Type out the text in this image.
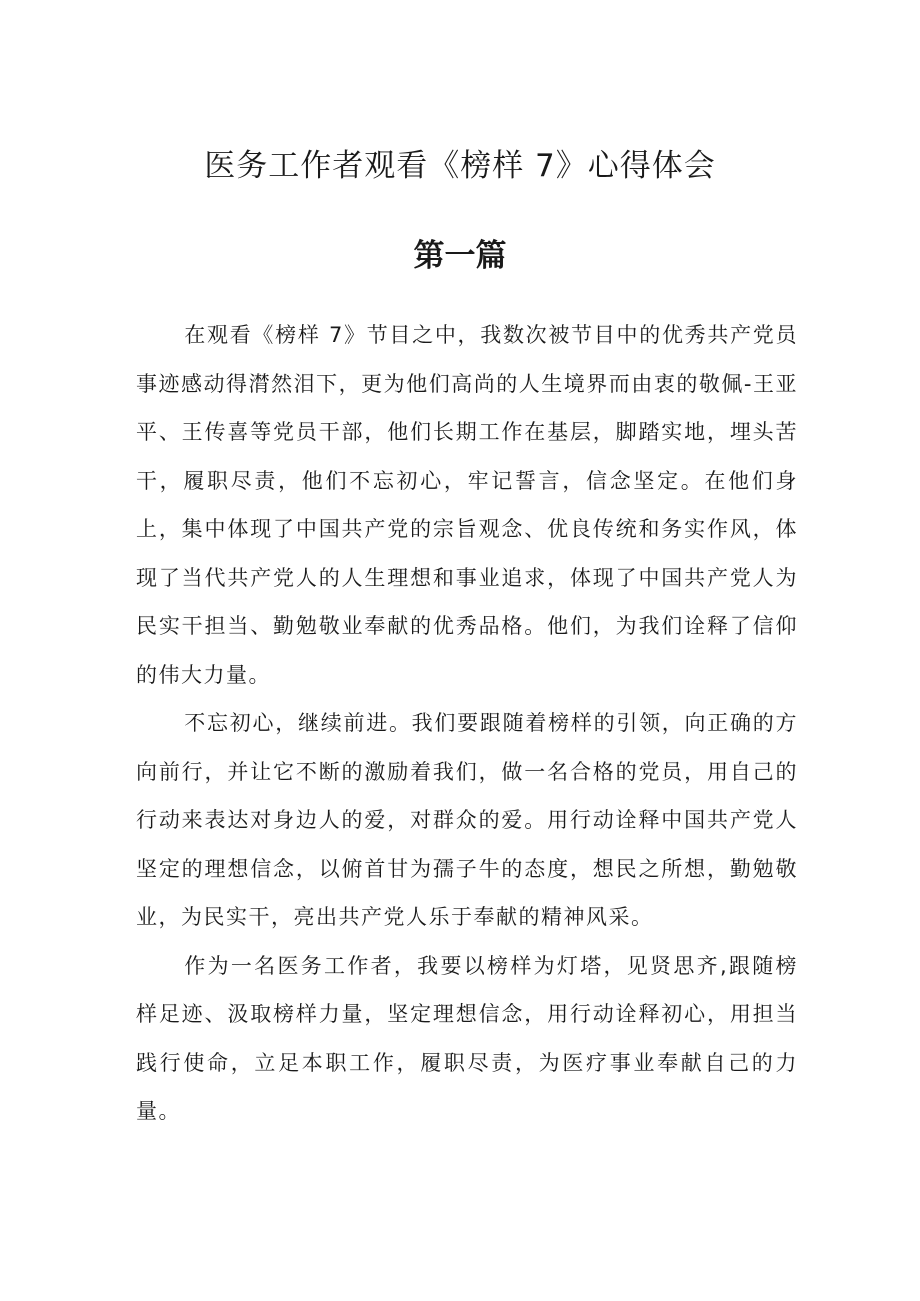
医务工作者观看《榜样 7》心得体会
第一篇

在观看《榜样 7》节目之中，我数次被节目中的优秀共产党员事迹感动得潸然泪下，更为他们高尚的人生境界而由衷的敬佩-王亚平、王传喜等党员干部，他们长期工作在基层，脚踏实地，埋头苦干，履职尽责，他们不忘初心，牢记誓言，信念坚定。在他们身上，集中体现了中国共产党的宗旨观念、优良传统和务实作风，体现了当代共产党人的人生理想和事业追求，体现了中国共产党人为民实干担当、勤勉敬业奉献的优秀品格。他们，为我们诠释了信仰的伟大力量。

不忘初心，继续前进。我们要跟随着榜样的引领，向正确的方向前行，并让它不断的激励着我们，做一名合格的党员，用自己的行动来表达对身边人的爱，对群众的爱。用行动诠释中国共产党人坚定的理想信念，以俯首甘为孺子牛的态度，想民之所想，勤勉敬业，为民实干，亮出共产党人乐于奉献的精神风采。

作为一名医务工作者，我要以榜样为灯塔，见贤思齐,跟随榜样足迹、汲取榜样力量，坚定理想信念，用行动诠释初心，用担当践行使命，立足本职工作，履职尽责，为医疗事业奉献自己的力量。
